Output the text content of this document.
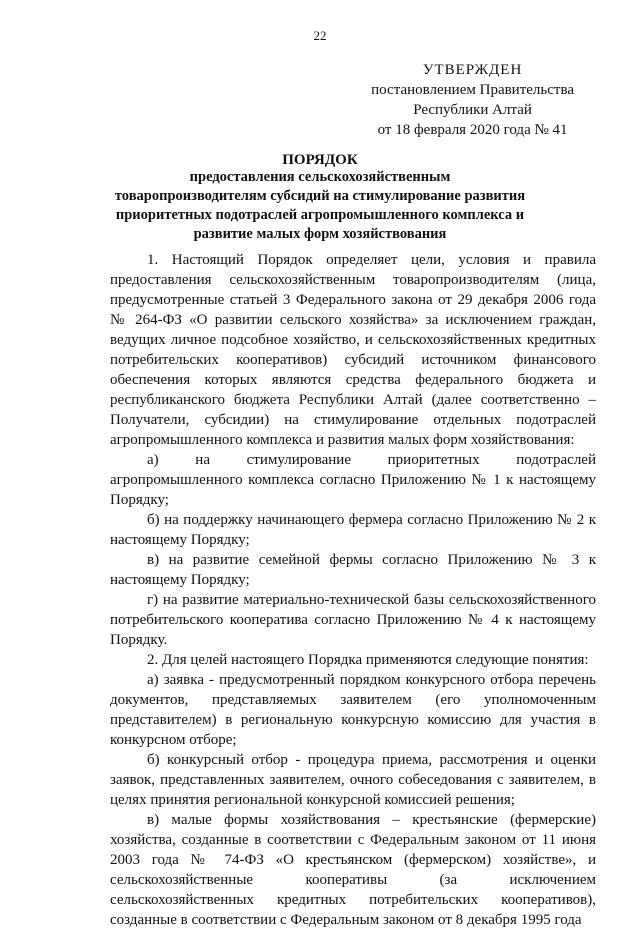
22
УТВЕРЖДЕН
постановлением Правительства
Республики Алтай
от 18 февраля 2020 года № 41
ПОРЯДОК
предоставления сельскохозяйственным
товаропроизводителям субсидий на стимулирование развития
приоритетных подотраслей агропромышленного комплекса и
развитие малых форм хозяйствования

1. Настоящий Порядок определяет цели, условия и правила предоставления сельскохозяйственным товаропроизводителям (лица, предусмотренные статьей 3 Федерального закона от 29 декабря 2006 года № 264-ФЗ «О развитии сельского хозяйства» за исключением граждан, ведущих личное подсобное хозяйство, и сельскохозяйственных кредитных потребительских кооперативов) субсидий источником финансового обеспечения которых являются средства федерального бюджета и республиканского бюджета Республики Алтай (далее соответственно – Получатели, субсидии) на стимулирование отдельных подотраслей агропромышленного комплекса и развития малых форм хозяйствования:

а) на стимулирование приоритетных подотраслей агропромышленного комплекса согласно Приложению № 1 к настоящему Порядку;

б) на поддержку начинающего фермера согласно Приложению № 2 к настоящему Порядку;

в) на развитие семейной фермы согласно Приложению № 3 к настоящему Порядку;

г) на развитие материально-технической базы сельскохозяйственного потребительского кооператива согласно Приложению № 4 к настоящему Порядку.

2. Для целей настоящего Порядка применяются следующие понятия:

а) заявка - предусмотренный порядком конкурсного отбора перечень документов, представляемых заявителем (его уполномоченным представителем) в региональную конкурсную комиссию для участия в конкурсном отборе;

б) конкурсный отбор - процедура приема, рассмотрения и оценки заявок, представленных заявителем, очного собеседования с заявителем, в целях принятия региональной конкурсной комиссией решения;

в) малые формы хозяйствования – крестьянские (фермерские) хозяйства, созданные в соответствии с Федеральным законом от 11 июня 2003 года № 74-ФЗ «О крестьянском (фермерском) хозяйстве», и сельскохозяйственные кооперативы (за исключением сельскохозяйственных кредитных потребительских кооперативов), созданные в соответствии с Федеральным законом от 8 декабря 1995 года
